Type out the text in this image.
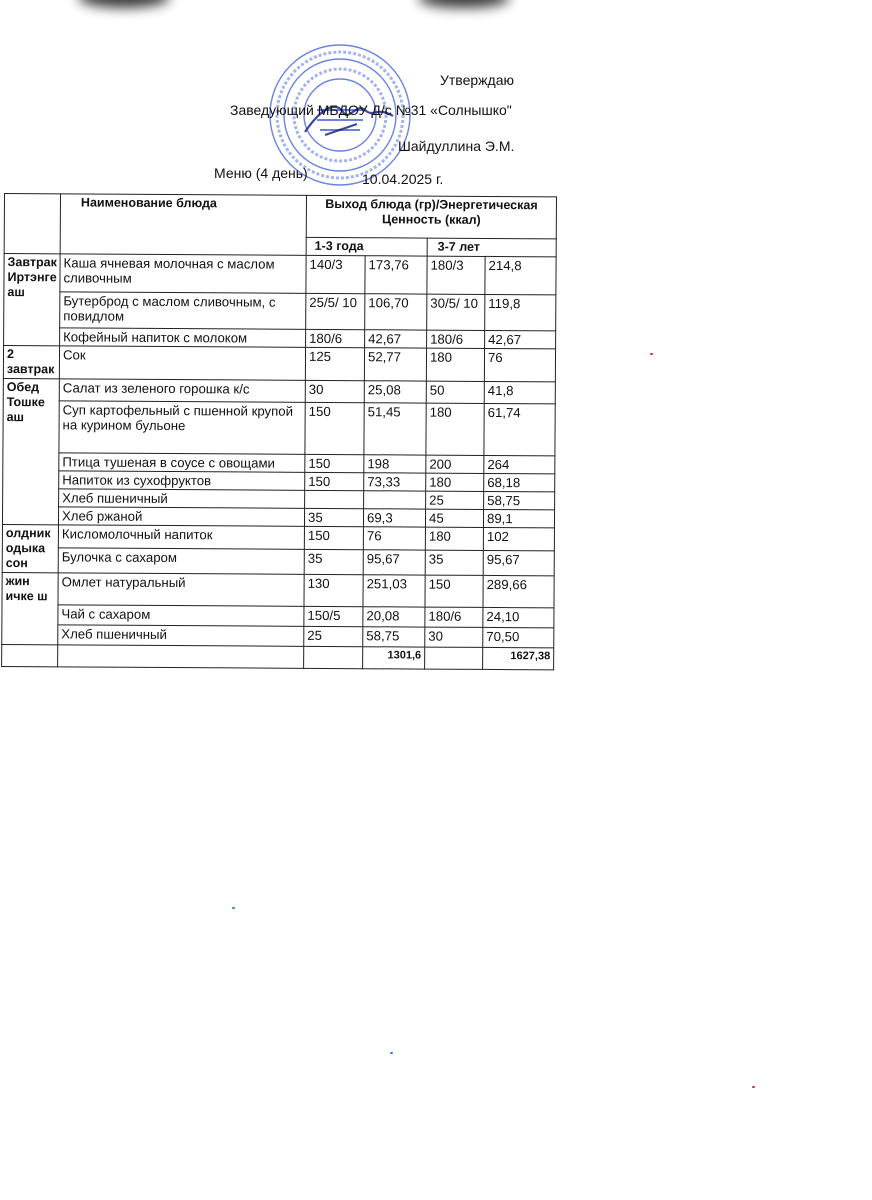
Утверждаю
Заведующий МБДОУ Д/с №31 «Солнышко"
Шайдуллина Э.М.
Меню (4 день)	10.04.2025 г.
	Наименование блюда	Выход блюда (гр)/Энергетическая Ценность (ккал)			
		1-3 года		3-7 лет	
Завтрак Иртэнге аш	Каша ячневая молочная с маслом сливочным	140/3	173,76	180/3	214,8
	Бутерброд с маслом сливочным, с повидлом	25/5/ 10	106,70	30/5/ 10	119,8
	Кофейный напиток с молоком	180/6	42,67	180/6	42,67
2 завтрак	Сок	125	52,77	180	76
Обед Тошке аш	Салат из зеленого горошка к/с	30	25,08	50	41,8
	Суп картофельный с пшенной крупой на курином бульоне	150	51,45	180	61,74
	Птица тушеная в соусе с овощами	150	198	200	264
	Напиток из сухофруктов	150	73,33	180	68,18
	Хлеб пшеничный			25	58,75
	Хлеб ржаной	35	69,3	45	89,1
олдник одыка сон	Кисломолочный напиток	150	76	180	102
	Булочка с сахаром	35	95,67	35	95,67
жин ичке ш	Омлет натуральный	130	251,03	150	289,66
	Чай с сахаром	150/5	20,08	180/6	24,10
	Хлеб пшеничный	25	58,75	30	70,50
			1301,6		1627,38
